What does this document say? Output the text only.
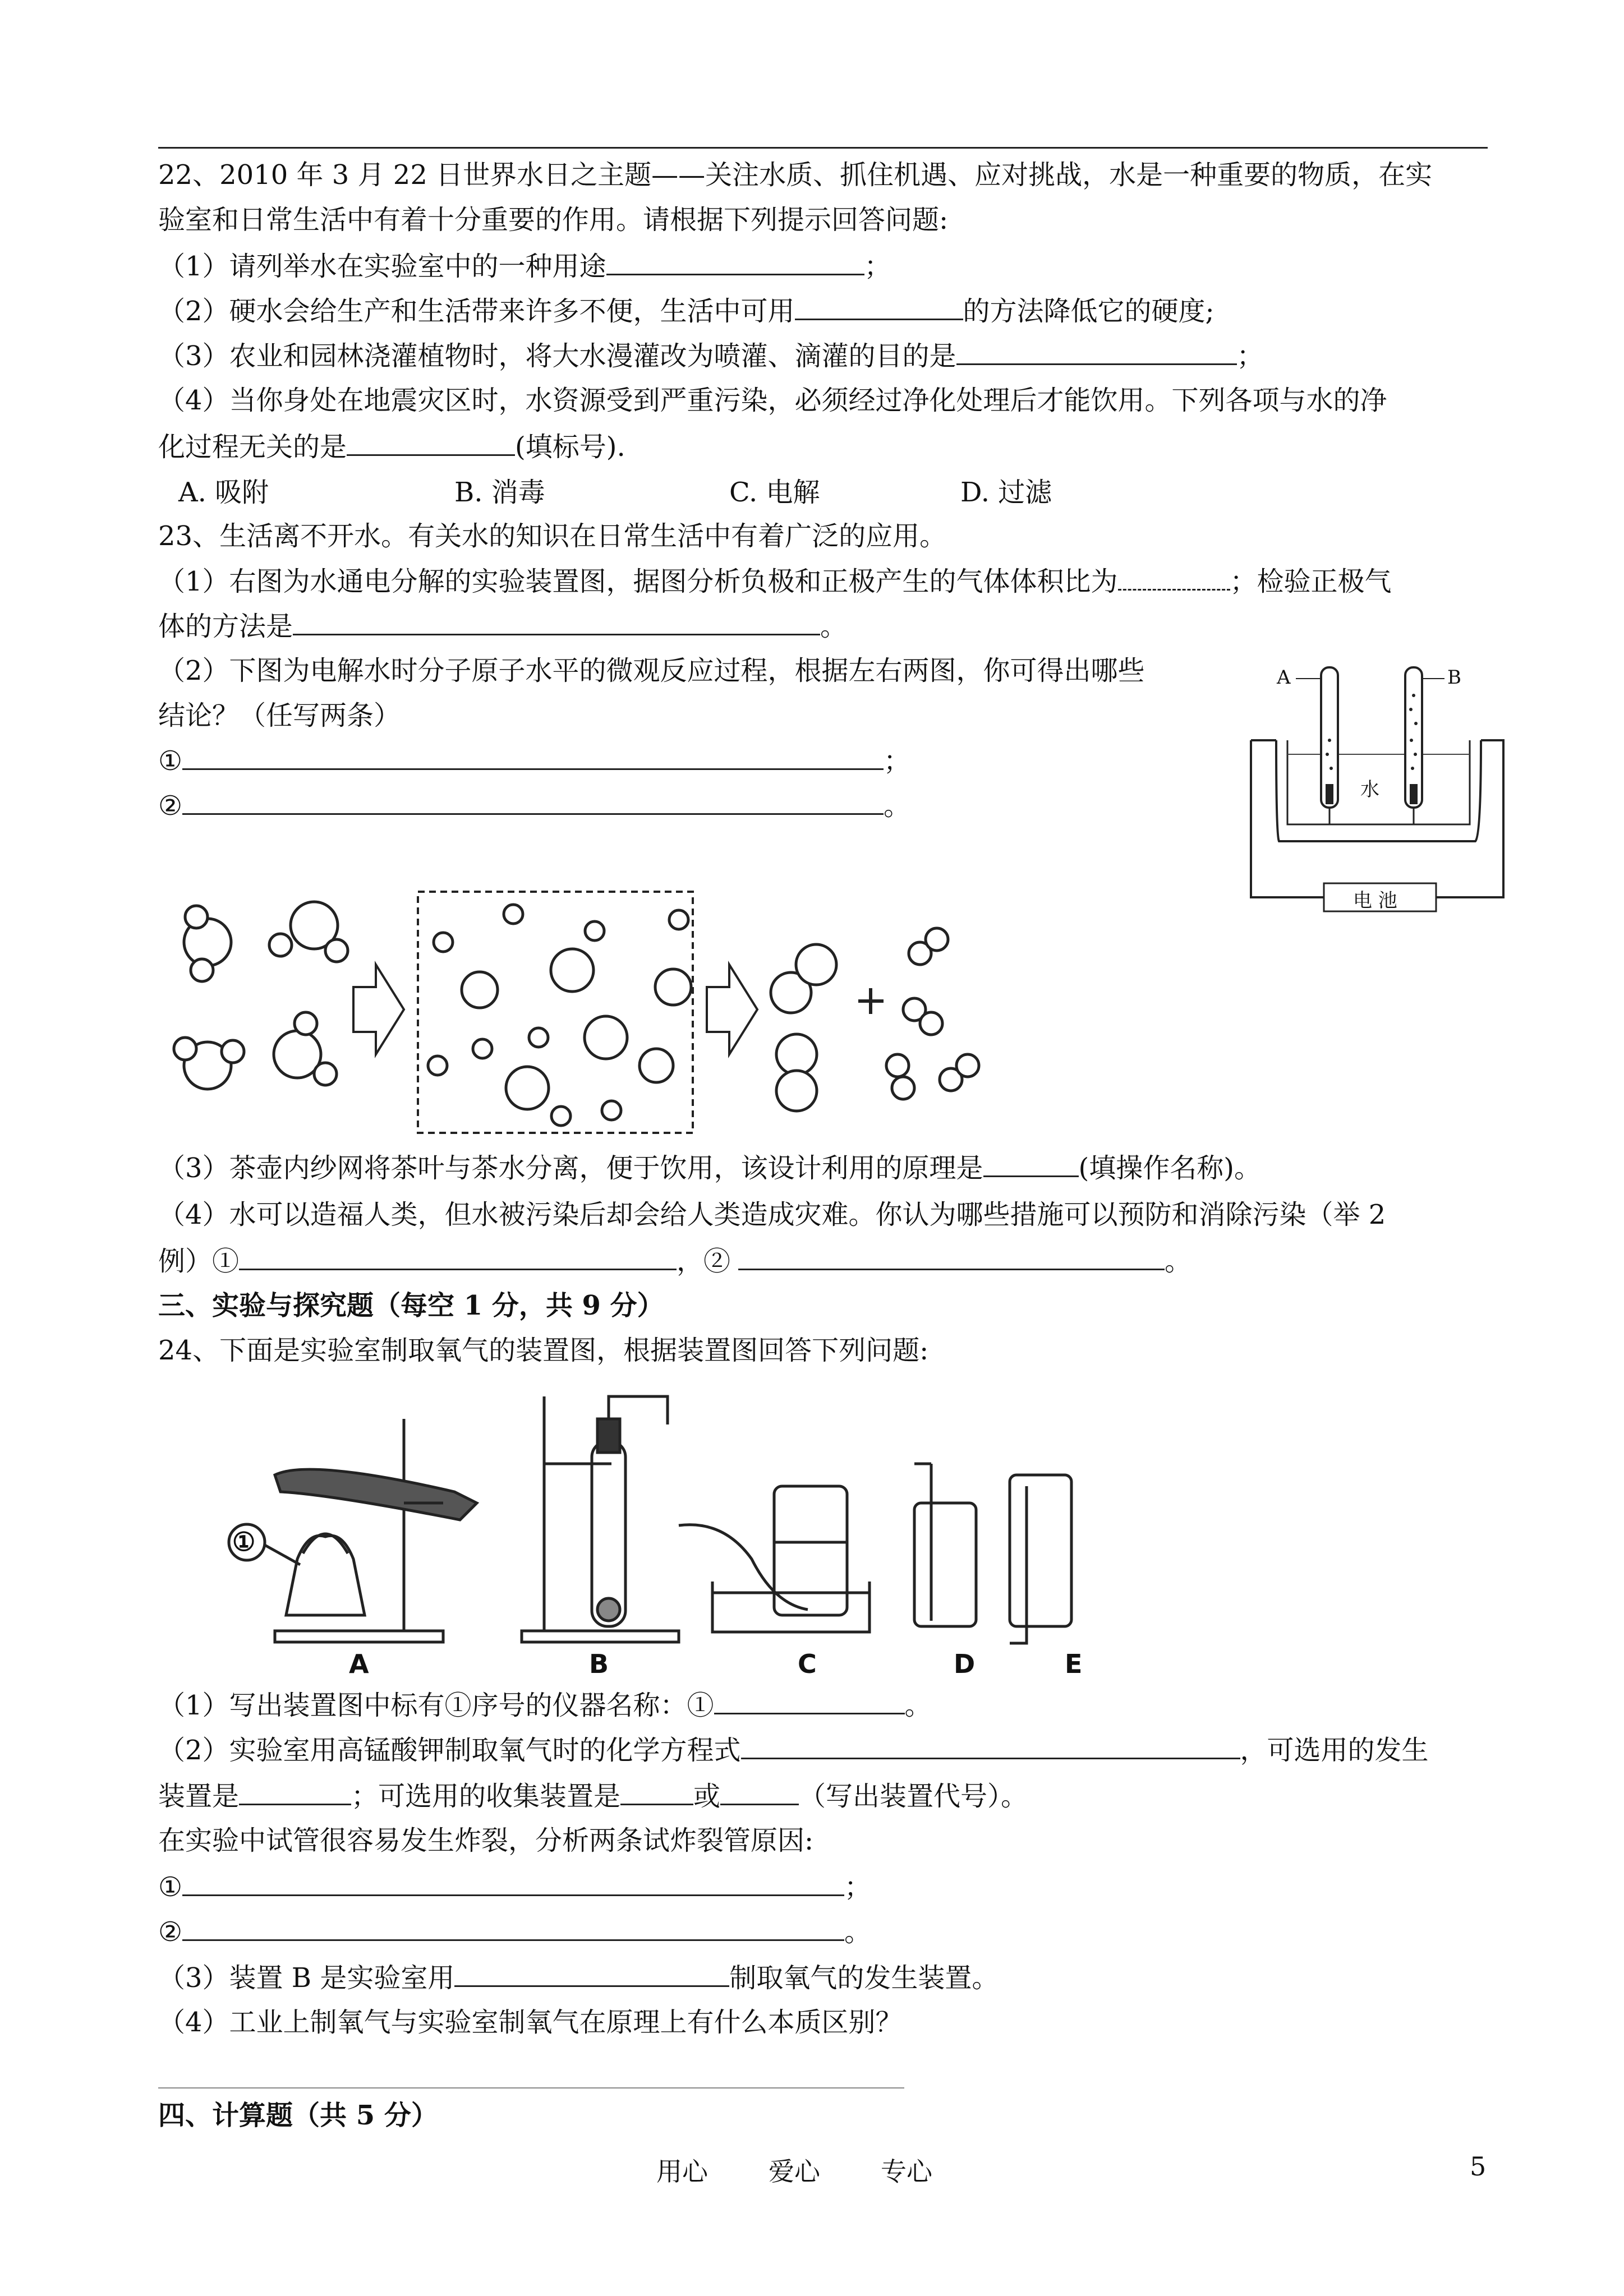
22、2010 年 3 月 22 日世界水日之主题——关注水质、抓住机遇、应对挑战，水是一种重要的物质，在实
验室和日常生活中有着十分重要的作用。请根据下列提示回答问题:
（1）请列举水在实验室中的一种用途	；
（2）硬水会给生产和生活带来许多不便，生活中可用	的方法降低它的硬度;
（3）农业和园林浇灌植物时，将大水漫灌改为喷灌、滴灌的目的是	；
（4）当你身处在地震灾区时，水资源受到严重污染，必须经过净化处理后才能饮用。下列各项与水的净
化过程无关的是	(填标号).
A. 吸附	B. 消毒	C. 电解	D. 过滤
23、生活离不开水。有关水的知识在日常生活中有着广泛的应用。
（1）右图为水通电分解的实验装置图，据图分析负极和正极产生的气体体积比为	；检验正极气
体的方法是	。
（2）下图为电解水时分子原子水平的微观反应过程，根据左右两图，你可得出哪些
结论？（任写两条）
①	；
②	。
A	B
水
电 池
（3）茶壶内纱网将茶叶与茶水分离，便于饮用，该设计利用的原理是	(填操作名称)。
（4）水可以造福人类，但水被污染后却会给人类造成灾难。你认为哪些措施可以预防和消除污染（举 2
例）①	，②	。
三、实验与探究题（每空 1 分，共 9 分）
24、下面是实验室制取氧气的装置图，根据装置图回答下列问题:
①
A	B	C	D	E
（1）写出装置图中标有①序号的仪器名称：①	。
（2）实验室用高锰酸钾制取氧气时的化学方程式	，可选用的发生
装置是	；可选用的收集装置是	或	（写出装置代号）。
在实验中试管很容易发生炸裂，分析两条试炸裂管原因:
①	；
②	。
（3）装置 B 是实验室用	制取氧气的发生装置。
（4）工业上制氧气与实验室制氧气在原理上有什么本质区别？
四、计算题（共 5 分）
用心 爱心 专心	5
